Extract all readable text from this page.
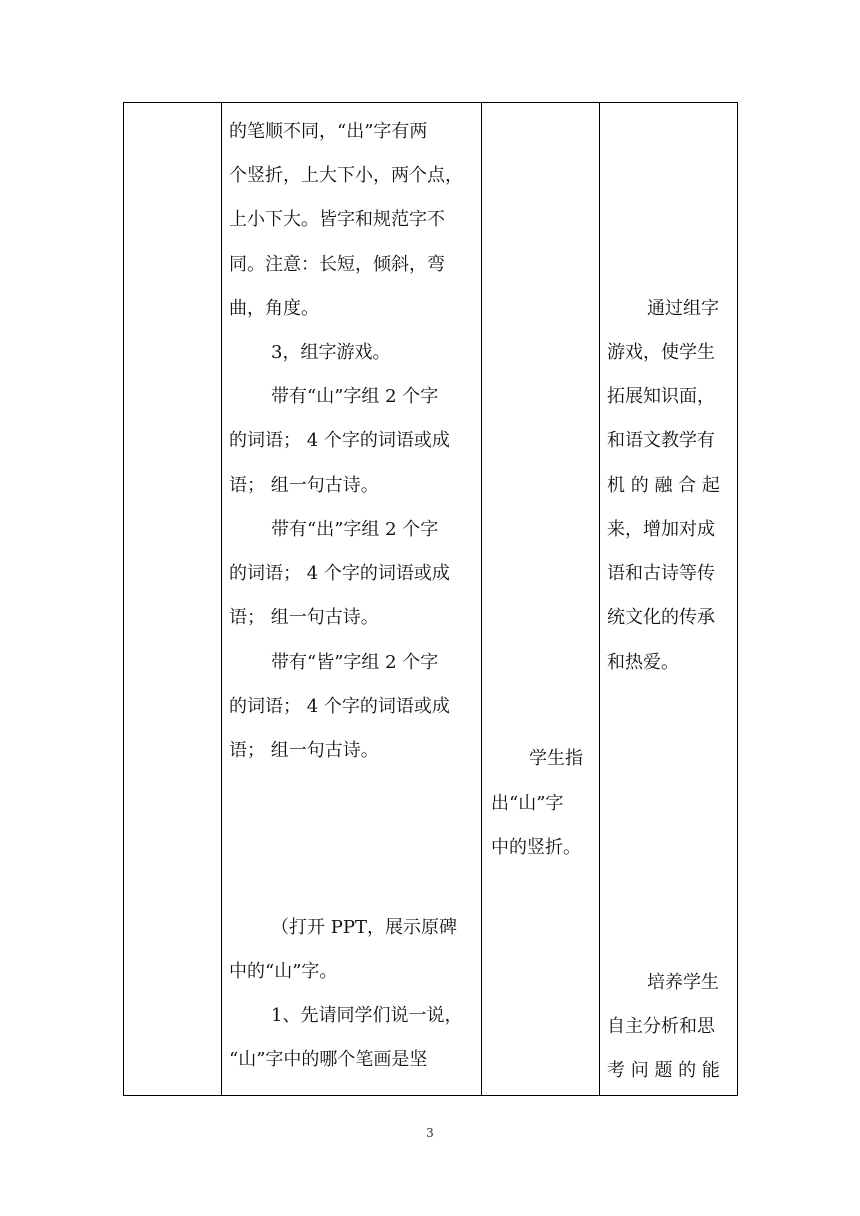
的笔顺不同，“出”字有两
个竖折，上大下小，两个点，
上小下大。皆字和规范字不
同。注意：长短，倾斜，弯
曲，角度。
3，组字游戏。
带有“山”字组 2 个字
的词语； 4 个字的词语或成
语； 组一句古诗。
带有“出”字组 2 个字
的词语； 4 个字的词语或成
语； 组一句古诗。
带有“皆”字组 2 个字
的词语； 4 个字的词语或成
语； 组一句古诗。
（打开 PPT，展示原碑
中的“山”字。
1、先请同学们说一说，
“山”字中的哪个笔画是坚
学生指
出“山”字
中的竖折。
通过组字
游戏，使学生
拓展知识面，
和语文教学有
机 的 融 合 起
来，增加对成
语和古诗等传
统文化的传承
和热爱。
培养学生
自主分析和思
考 问 题 的 能
3
